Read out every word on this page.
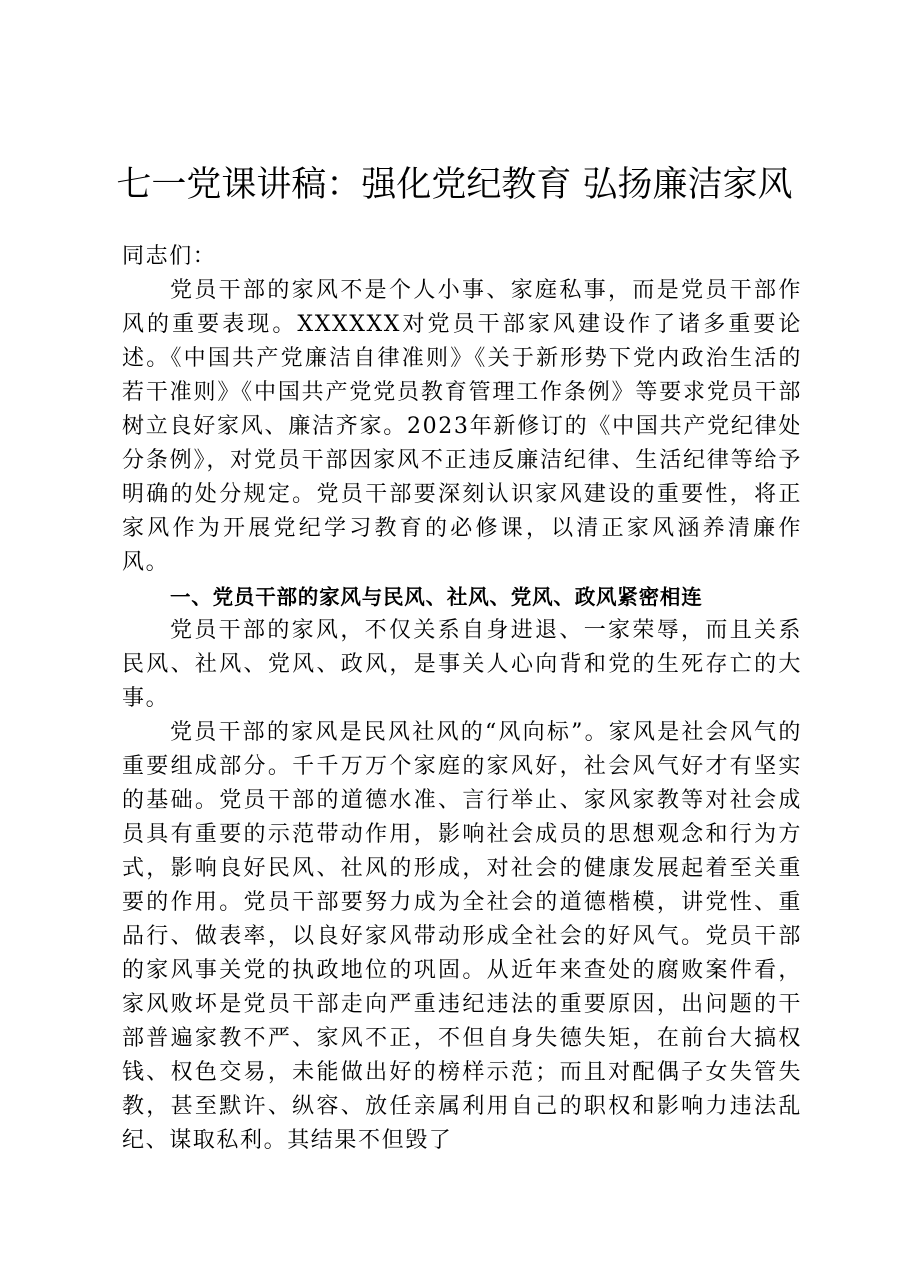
七一党课讲稿：强化党纪教育 弘扬廉洁家风

同志们：

党员干部的家风不是个人小事、家庭私事，而是党员干部作风的重要表现。XXXXXX对党员干部家风建设作了诸多重要论述。《中国共产党廉洁自律准则》《关于新形势下党内政治生活的若干准则》《中国共产党党员教育管理工作条例》等要求党员干部树立良好家风、廉洁齐家。2023年新修订的《中国共产党纪律处分条例》，对党员干部因家风不正违反廉洁纪律、生活纪律等给予明确的处分规定。党员干部要深刻认识家风建设的重要性，将正家风作为开展党纪学习教育的必修课，以清正家风涵养清廉作风。

一、党员干部的家风与民风、社风、党风、政风紧密相连

党员干部的家风，不仅关系自身进退、一家荣辱，而且关系民风、社风、党风、政风，是事关人心向背和党的生死存亡的大事。

党员干部的家风是民风社风的“风向标”。家风是社会风气的重要组成部分。千千万万个家庭的家风好，社会风气好才有坚实的基础。党员干部的道德水准、言行举止、家风家教等对社会成员具有重要的示范带动作用，影响社会成员的思想观念和行为方式，影响良好民风、社风的形成，对社会的健康发展起着至关重要的作用。党员干部要努力成为全社会的道德楷模，讲党性、重品行、做表率，以良好家风带动形成全社会的好风气。党员干部的家风事关党的执政地位的巩固。从近年来查处的腐败案件看，家风败坏是党员干部走向严重违纪违法的重要原因，出问题的干部普遍家教不严、家风不正，不但自身失德失矩，在前台大搞权钱、权色交易，未能做出好的榜样示范；而且对配偶子女失管失教，甚至默许、纵容、放任亲属利用自己的职权和影响力违法乱纪、谋取私利。其结果不但毁了
